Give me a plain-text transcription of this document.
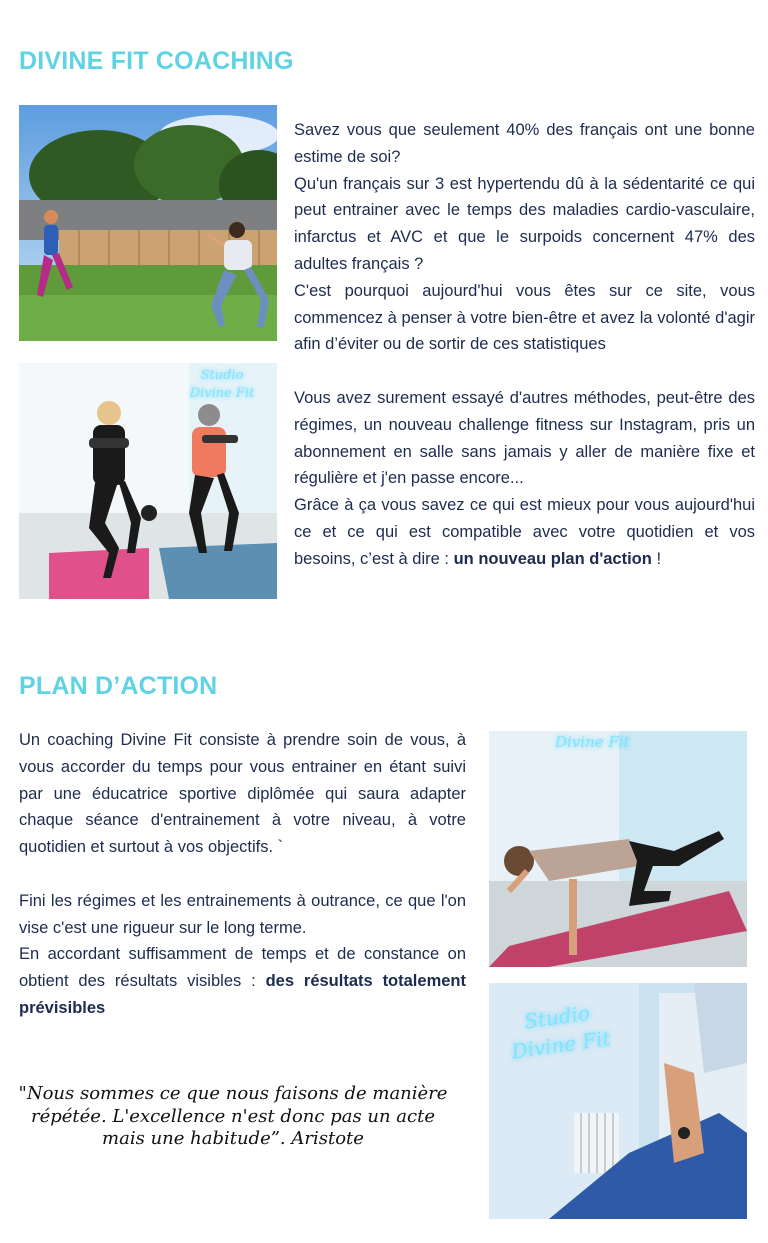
DIVINE FIT COACHING
Studio Divine Fit

Savez vous que seulement 40% des français ont une bonne estime de soi?

Qu'un français sur 3 est hypertendu dû à la sédentarité ce qui peut entrainer avec le temps des maladies cardio-vasculaire, infarctus et AVC et que le surpoids concernent 47% des adultes français ?

C'est pourquoi aujourd'hui vous êtes sur ce site, vous commencez à penser à votre bien-être et avez la volonté d'agir afin d’éviter ou de sortir de ces statistiques

Vous avez surement essayé d'autres méthodes, peut-être des régimes, un nouveau challenge fitness sur Instagram, pris un abonnement en salle sans jamais y aller de manière fixe et régulière et j'en passe encore...

Grâce à ça vous savez ce qui est mieux pour vous aujourd'hui ce et ce qui est compatible avec votre quotidien et vos besoins, c’est à dire : un nouveau plan d'action !

PLAN D’ACTION

Un coaching Divine Fit consiste à prendre soin de vous, à vous accorder du temps pour vous entrainer en étant suivi par une éducatrice sportive diplômée qui saura adapter chaque séance d'entrainement à votre niveau, à votre quotidien et surtout à vos objectifs. `

Fini les régimes et les entrainements à outrance, ce que l'on vise c'est une rigueur sur le long terme.

En accordant suffisamment de temps et de constance on obtient des résultats visibles : des résultats totalement prévisibles

"Nous sommes ce que nous faisons de manière répétée. L'excellence n'est donc pas un acte mais une habitude”. Aristote
Divine Fit
Studio Divine Fit
